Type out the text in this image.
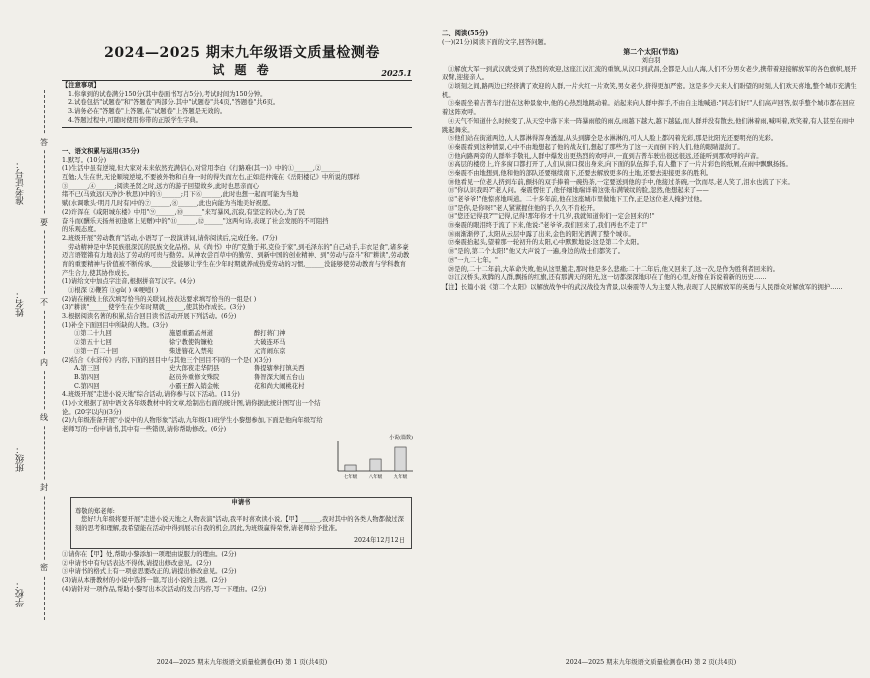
准考证号：
姓名：
班级：
学校：
答
要
不
内
线
封
密
2024—2025 期末九年级语文质量检测卷
试 题 卷	2025.1
【注意事项】
1.你拿到的试卷满分150分(其中卷面书写占5分),考试时间为150分钟。
2.试卷包括"试题卷"和"答题卷"两部分.其中"试题卷"共4页,"答题卷"共6页。
3.请务必在"答题卷"上答题,在"试题卷"上答题是无效的。
4.答题过程中,可随时使用你带的正版学生字典。
一、语文积累与运用(35分)
1.默写。(10分)
(1)生活中虽有逆境,但大家对未来依然充满信心,对常用李白《行路难(其一)》中的①______,②______
互勉;人生在世,无论顺境逆境,不要被外物和自身一时的得失而左右,正如范仲淹在《岳阳楼记》中所说的那样③______,④______;阅读圣贤之时,远方的游子回望故乡,此时也思亲而心
绪不已(马致远(天净沙·秋思))中的⑤______;月下⑥______,此时也想一起而可能为当地
赋(水调歌头·明月几时有)中的⑦______,⑧______,此也向能为当地美好祝愿。
(2)许浑在《咸阳城东楼》中用"⑨______,⑩______"来写暴风,沉寂,有坚定的决心,为了民
奋斗而(酬乐天扬州初逢席上见赠)中的"⑪______,⑫______"这两句诗,表现了社会发展的不可阻挡
的乐观态度。
2.班级开展"劳动教育"活动,小语写了一段演讲词,请你阅读后,完成任务。(7分)
劳动精神是中华民族很深沉的民族文化品格。从《尚书》中的"克勤于邦,克俭于家",到毛泽东的"自己动手,丰衣足食",诸多豪迈言语铿锵有力地表达了劳动的可贵与勤劳。从神农尝百草中的勤劳、到新中国的创业精神、到"劳动与奋斗"和"耕读",劳动教育的重要精神与价值被不断传承,______没能够让学生在少年时期就养成热爱劳动的习惯,______没能够使劳动教育与学科教育产生合力,使其协作成长。
(1)请给文中加点字注音,根据拼音写汉字。(4分)
①根深 ②鞭笞 ③gǔ( ) ④哽噎( )
(2)请在横线上依次填写恰当的关联词,按表达要求填写恰当的一组是( )
(3)"耕读"______使学生在少年时期就______,使其协作成长。(3分)
3.根据阅读名著的积累,结合回目读书活动开展下列活动。(6分)
(1)补全下面回目中所缺的人物。(3分)
①第二十九回	施恩重霸孟州道	醉打蒋门神
②第五十七回	徐宁教使钩镰枪	大破连环马
③第一百二十回	柴进簪花入禁苑	元宵闹东京
(2)结合《水浒传》内容,下面的回目中与其他三个回目不同的一个是( )(3分)
A.第三回	史大郎夜走华阴县	鲁提辖拳打镇关西
B.第四回	赵员外重修文殊院	鲁智深大闹五台山
C.第四回	小霸王醉入销金帐	花和尚大闹桃花村
4.班级开展"走进小说天地"综合活动,请你参与以下活动。(11分)
(1)小文根据了初中语文各年级教材中的文章,绘制出右面的统计图,请你据此统计图写出一个结论。(20字以内)(3分)
(2)九年级准备开展"小说中的人物形象"活动,九年级(1)班学生小黎想参加,下面是他向年级写给老师写的一份申请书,其中有一些错误,请你帮助修改。(6分)
小说(篇数)
七年级 八年级 九年级
申请书
尊敬的郑老师:
您好!九年级将要开展"走进小说天地之人物表演"活动,我平时喜欢读小说,【甲】______,我对其中的各类人物都做过深刻的思考和理解,我希望能在活动中得到展示自我的机会,因此,为班级赢得荣誉,请老师给予批准。
2024年12月12日
①请你在【甲】处,帮助小黎添加一项理由说服力的理由。(2分)
②申请书中有句话表达不得体,请提出修改意见。(2分)
③申请书的格式上有一项意思要改正的,请提出修改意见。(2分)
(3)请从本册教材的小说中选择一篇,写出小说的主题。(2分)
(4)请针对一项作品,帮助小黎写出本次活动的发言内容,写一下理由。(2分)
2024—2025 期末九年级语文质量检测卷(H) 第 1 页(共4页)
二、阅读(55分)
(一)(21分)阅读下面的文字,回答问题。
第二个太阳(节选)
刘白羽
①解放大军一到武汉就受到了热烈的欢迎,这座江汉汇流的重镇,从汉口到武昌,全都是人山人海,人们不分男女老少,携带着迎接解放军的各色旗帜,展开双臂,迎接亲人。
②顷刻之间,路两边已经挤满了欢迎的人群,一片火红一片欢笑,男女老少,挤得更加严密。这是多少天来人们盼望的时刻,人们欢天喜地,整个城市充满生机。
③秦震坐着吉普车行进在这种景象中,他的心热烈地跳动着。站起来向人群中挥手,不由自主地喊道:"同志们好!"人们高声回答,似乎整个城市都在回应着这阵欢呼。
④天气不知道什么时候变了,从天空中落下来一阵暴雨般的雨点,雨越下越大,越下越猛,而人群并没有散去,他们淋着雨,喊叫着,欢笑着,有人甚至在雨中跳起舞来。
⑤他们站在街道两边,人人都淋得浑身透湿,从头到脚全是水淋淋的,可人人脸上都闪着光彩,那是比阳光还要明亮的光彩。
⑥秦震看到这种情景,心中不由地想起了他的战友们,想起了那些为了这一天而倒下的人们,他的眼睛湿润了。
⑦他向路两旁的人群举手敬礼,人群中爆发出更热烈的欢呼声,一直到吉普车驶出很远很远,还能听到那欢呼的声音。
⑧高层的楼房上,许多窗口都打开了,人们从窗口探出身来,向下面的队伍挥手,有人撒下了一片片彩色的纸屑,在雨中飘飘扬扬。
⑨秦震不由地想到,他和他的部队还要继续南下,还要去解放更多的土地,还要去迎接更多的胜利。
⑩他看见一位老人挤到车前,颤抖的双手捧着一碗热茶,一定要送到他的手中,他接过茶碗,一饮而尽,老人笑了,泪水也流了下来。
⑪"你认识我吗?"老人问。秦震愣住了,他仔细地端详着这张布满皱纹的脸,忽然,他想起来了——
⑫"老爷爷!"他惊喜地叫道。二十多年前,他在这座城市里做地下工作,正是这位老人掩护过他。
⑬"是你,是你呀!"老人紧紧握住他的手,久久不肯松开。
⑭"您还记得我?""记得,记得!那年你才十几岁,我就知道你们一定会回来的!"
⑮秦震的眼泪终于流了下来,他说:"老爷爷,我们回来了,我们再也不走了!"
⑯雨渐渐停了,太阳从云层中露了出来,金色的阳光洒满了整个城市。
⑰秦震抬起头,望着那一轮初升的太阳,心中默默地说:这是第二个太阳。
⑱"是的,第二个太阳!"他又大声说了一遍,身边的战士们都笑了。
⑲"一九二七年。"
⑳是的,二十二年前,大革命失败,他从这里撤走,那时他是多么悲痛;二十二年后,他又回来了,这一次,是作为胜利者回来的。
㉑江汉桥头,欢腾的人群,飘扬的红旗,还有那满天的阳光,这一切都深深地印在了他的心里,好像在诉说着新的历史……
【注】长篇小说《第二个太阳》以解放战争中的武汉战役为背景,以秦震等人为主要人物,表现了人民解放军的英勇与人民群众对解放军的拥护……
2024—2025 期末九年级语文质量检测卷(H) 第 2 页(共4页)
